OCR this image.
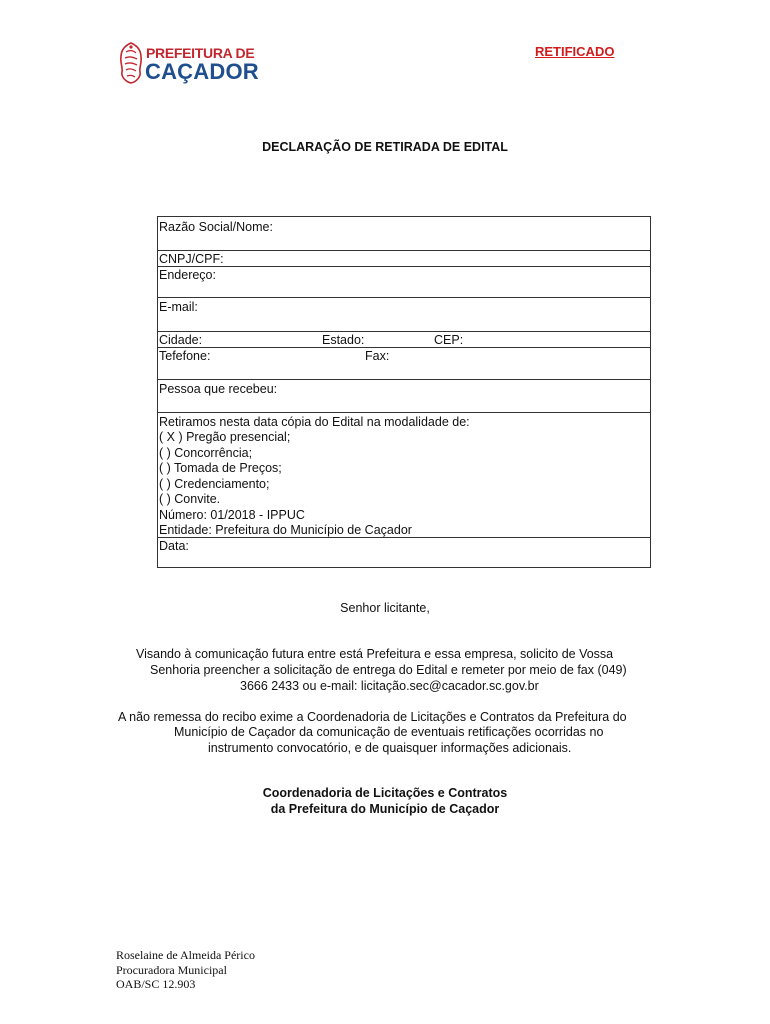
PREFEITURA DE
CAÇADOR
RETIFICADO
DECLARAÇÃO DE RETIRADA DE EDITAL
Razão Social/Nome:
CNPJ/CPF:
Endereço:
E-mail:
Cidade:	Estado:	CEP:
Tefefone:	Fax:
Pessoa que recebeu:
Retiramos nesta data cópia do Edital na modalidade de:
( X ) Pregão presencial;
( ) Concorrência;
( ) Tomada de Preços;
( ) Credenciamento;
( ) Convite.
Número: 01/2018 - IPPUC
Entidade: Prefeitura do Município de Caçador
Data:
Senhor licitante,
Visando à comunicação futura entre está Prefeitura e essa empresa, solicito de Vossa
Senhoria preencher a solicitação de entrega do Edital e remeter por meio de fax (049)
3666 2433 ou e-mail: licitação.sec@cacador.sc.gov.br
A não remessa do recibo exime a Coordenadoria de Licitações e Contratos da Prefeitura do
Município de Caçador da comunicação de eventuais retificações ocorridas no
instrumento convocatório, e de quaisquer informações adicionais.
Coordenadoria de Licitações e Contratos
da Prefeitura do Município de Caçador
Roselaine de Almeida Périco
Procuradora Municipal
OAB/SC 12.903
